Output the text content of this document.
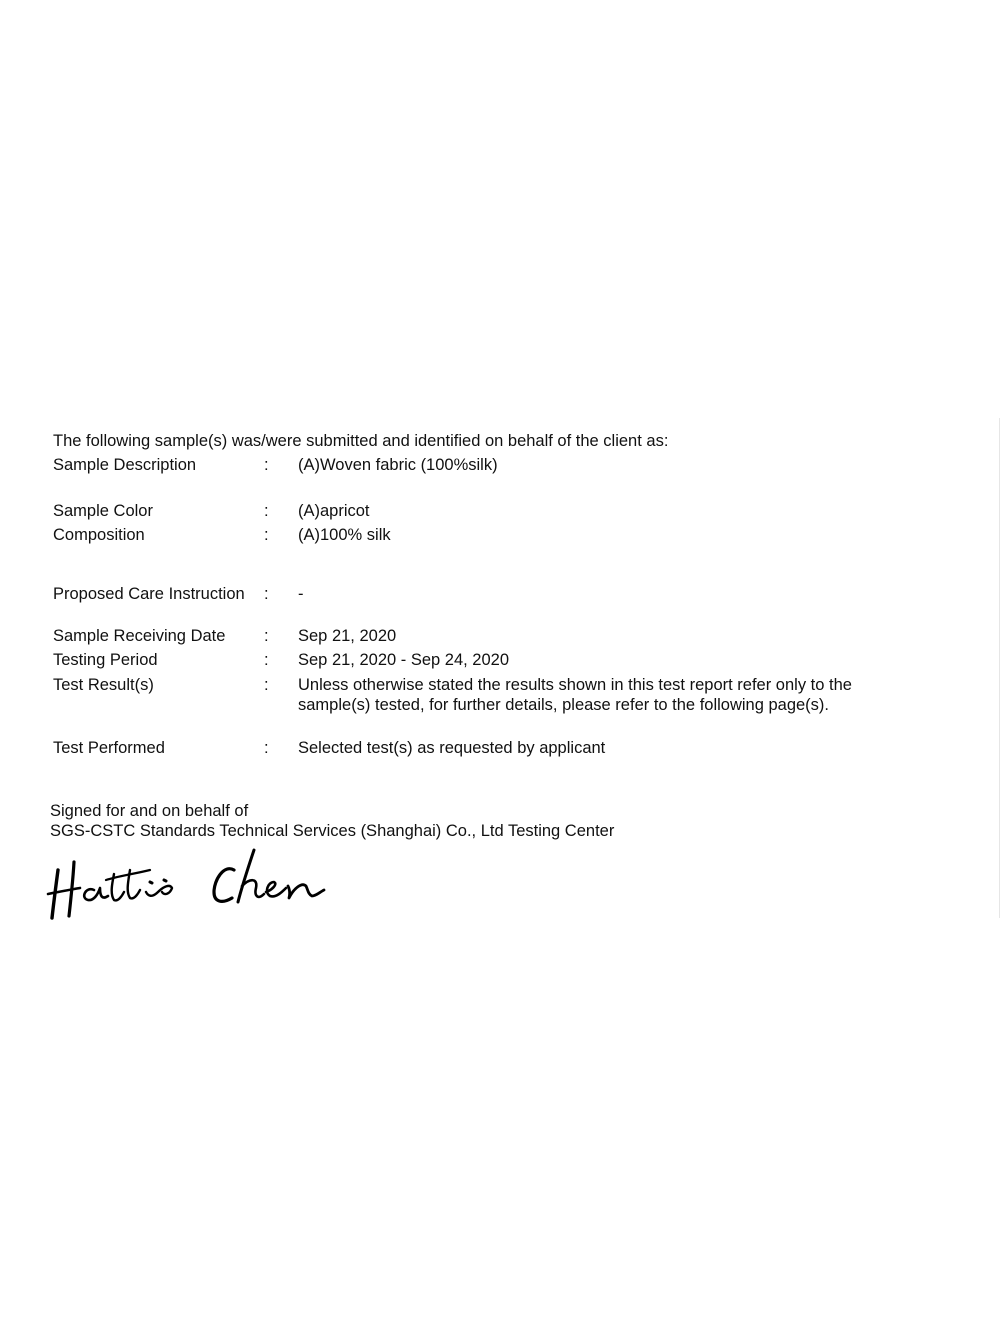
The following sample(s) was/were submitted and identified on behalf of the client as:
Sample Description	: (A)Woven fabric (100%silk)
Sample Color	: (A)apricot
Composition	: (A)100% silk
Proposed Care Instruction : -
Sample Receiving Date : Sep 21, 2020
Testing Period	: Sep 21, 2020 - Sep 24, 2020
Test Result(s)	: Unless otherwise stated the results shown in this test report refer only to the sample(s) tested, for further details, please refer to the following page(s).
Test Performed	: Selected test(s) as requested by applicant
Signed for and on behalf of
SGS-CSTC Standards Technical Services (Shanghai) Co., Ltd Testing Center
